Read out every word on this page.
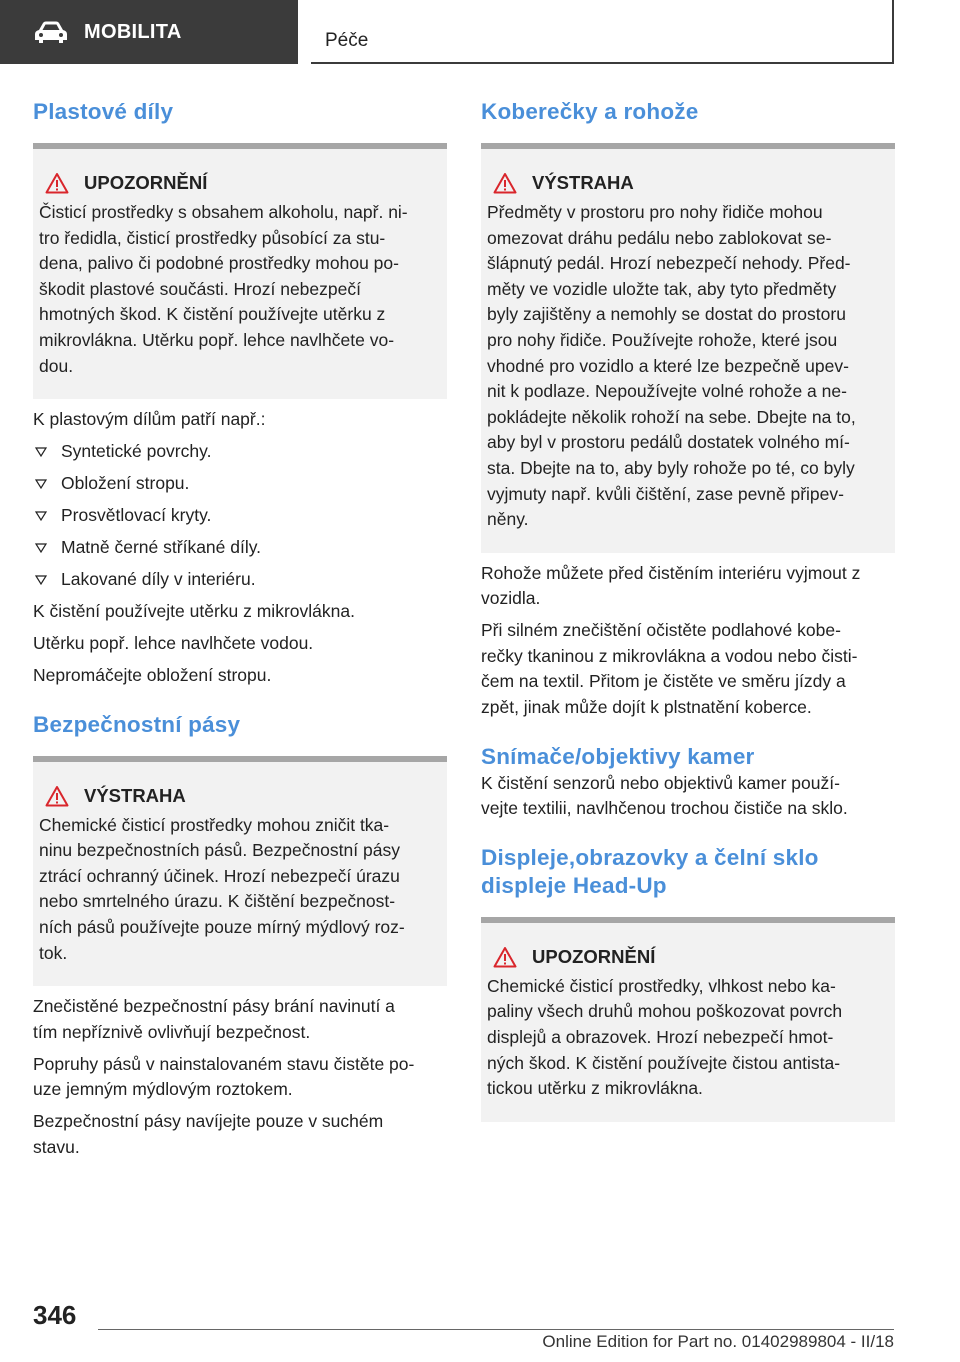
MOBILITA	Péče
Plastové díly
UPOZORNĚNÍ
Čisticí prostředky s obsahem alkoholu, např. ni-
tro ředidla, čisticí prostředky působící za stu-
dena, palivo či podobné prostředky mohou po-
škodit plastové součásti. Hrozí nebezpečí
hmotných škod. K čistění používejte utěrku z
mikrovlákna. Utěrku popř. lehce navlhčete vo-
dou.

K plastovým dílům patří např.:

Syntetické povrchy.
Obložení stropu.
Prosvětlovací kryty.
Matně černé stříkané díly.
Lakované díly v interiéru.

K čistění používejte utěrku z mikrovlákna.

Utěrku popř. lehce navlhčete vodou.

Nepromáčejte obložení stropu.

Bezpečnostní pásy
VÝSTRAHA
Chemické čisticí prostředky mohou zničit tka-
ninu bezpečnostních pásů. Bezpečnostní pásy
ztrácí ochranný účinek. Hrozí nebezpečí úrazu
nebo smrtelného úrazu. K čištění bezpečnost-
ních pásů používejte pouze mírný mýdlový roz-
tok.

Znečistěné bezpečnostní pásy brání navinutí a
tím nepříznivě ovlivňují bezpečnost.

Popruhy pásů v nainstalovaném stavu čistěte po-
uze jemným mýdlovým roztokem.

Bezpečnostní pásy navíjejte pouze v suchém
stavu.

Koberečky a rohože
VÝSTRAHA
Předměty v prostoru pro nohy řidiče mohou
omezovat dráhu pedálu nebo zablokovat se-
šlápnutý pedál. Hrozí nebezpečí nehody. Před-
měty ve vozidle uložte tak, aby tyto předměty
byly zajištěny a nemohly se dostat do prostoru
pro nohy řidiče. Používejte rohože, které jsou
vhodné pro vozidlo a které lze bezpečně upev-
nit k podlaze. Nepoužívejte volné rohože a ne-
pokládejte několik rohoží na sebe. Dbejte na to,
aby byl v prostoru pedálů dostatek volného mí-
sta. Dbejte na to, aby byly rohože po té, co byly
vyjmuty např. kvůli čištění, zase pevně připev-
něny.

Rohože můžete před čistěním interiéru vyjmout z
vozidla.

Při silném znečištění očistěte podlahové kobe-
rečky tkaninou z mikrovlákna a vodou nebo čisti-
čem na textil. Přitom je čistěte ve směru jízdy a
zpět, jinak může dojít k plstnatění koberce.

Snímače/objektivy kamer

K čistění senzorů nebo objektivů kamer použí-
vejte textilii, navlhčenou trochou čističe na sklo.

Displeje,obrazovky a čelní sklo
displeje Head-Up
UPOZORNĚNÍ
Chemické čisticí prostředky, vlhkost nebo ka-
paliny všech druhů mohou poškozovat povrch
displejů a obrazovek. Hrozí nebezpečí hmot-
ných škod. K čistění používejte čistou antista-
tickou utěrku z mikrovlákna.
346
Online Edition for Part no. 01402989804 - II/18
